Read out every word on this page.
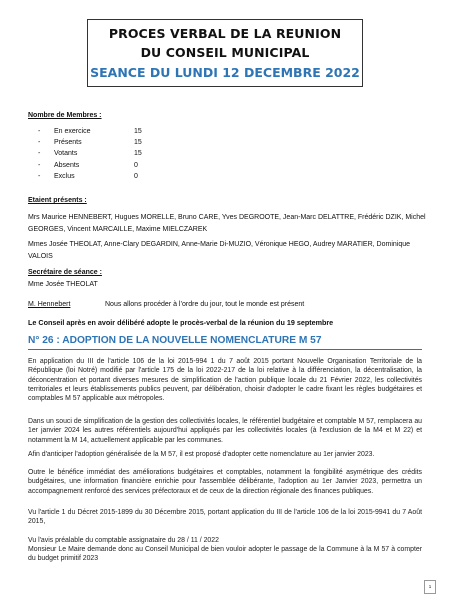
PROCES VERBAL DE LA REUNION
DU CONSEIL MUNICIPAL
SEANCE DU LUNDI 12 DECEMBRE 2022
Nombre de Membres :
- En exercice	15
- Présents	15
- Votants	15
- Absents	0
- Exclus	0
Etaient présents :
Mrs Maurice HENNEBERT, Hugues MORELLE, Bruno CARE, Yves DEGROOTE, Jean-Marc DELATTRE, Frédéric DZIK, Michel GEORGES, Vincent MARCAILLE, Maxime MIELCZAREK
Mmes Josée THEOLAT, Anne-Clary DEGARDIN, Anne-Marie Di-MUZIO, Véronique HEGO, Audrey MARATIER, Dominique VALOIS
Secrétaire de séance :
Mme Josée THEOLAT
M. Hennebert	Nous allons procéder à l’ordre du jour, tout le monde est présent
Le Conseil après en avoir délibéré adopte le procès-verbal de la réunion du 19 septembre
N° 26 : ADOPTION DE LA NOUVELLE NOMENCLATURE M 57
En application du III de l'article 106 de la loi 2015-994 1 du 7 août 2015 portant Nouvelle Organisation Territoriale de la République (loi Notré) modifié par l'article 175 de la loi 2022-217 de la loi relative à la différenciation, la décentralisation, la déconcentration et portant diverses mesures de simplification de l'action publique locale du 21 Février 2022, les collectivités territoriales et leurs établissements publics peuvent, par délibération, choisir d'adopter le cadre fixant les règles budgétaires et comptables M 57 applicable aux métropoles.
Dans un souci de simplification de la gestion des collectivités locales, le référentiel budgétaire et comptable M 57, remplacera au 1er janvier 2024 les autres référentiels aujourd'hui appliqués par les collectivités locales (à l'exclusion de la M4 et M 22) et notamment la M 14, actuellement applicable par les communes.
Afin d'anticiper l'adoption généralisée de la M 57, il est proposé d'adopter cette nomenclature au 1er janvier 2023.
Outre le bénéfice immédiat des améliorations budgétaires et comptables, notamment la fongibilité asymétrique des crédits budgétaires, une information financière enrichie pour l'assemblée délibérante, l'adoption au 1er Janvier 2023, permettra un accompagnement renforcé des services préfectoraux et de ceux de la direction régionale des finances publiques.
Vu l'article 1 du Décret 2015-1899 du 30 Décembre 2015, portant application du III de l'article 106 de la loi 2015-9941 du 7 Août 2015,
Vu l'avis préalable du comptable assignataire du 28 / 11 / 2022
Monsieur Le Maire demande donc au Conseil Municipal de bien vouloir adopter le passage de la Commune à la M 57 à compter du budget primitif 2023
1
